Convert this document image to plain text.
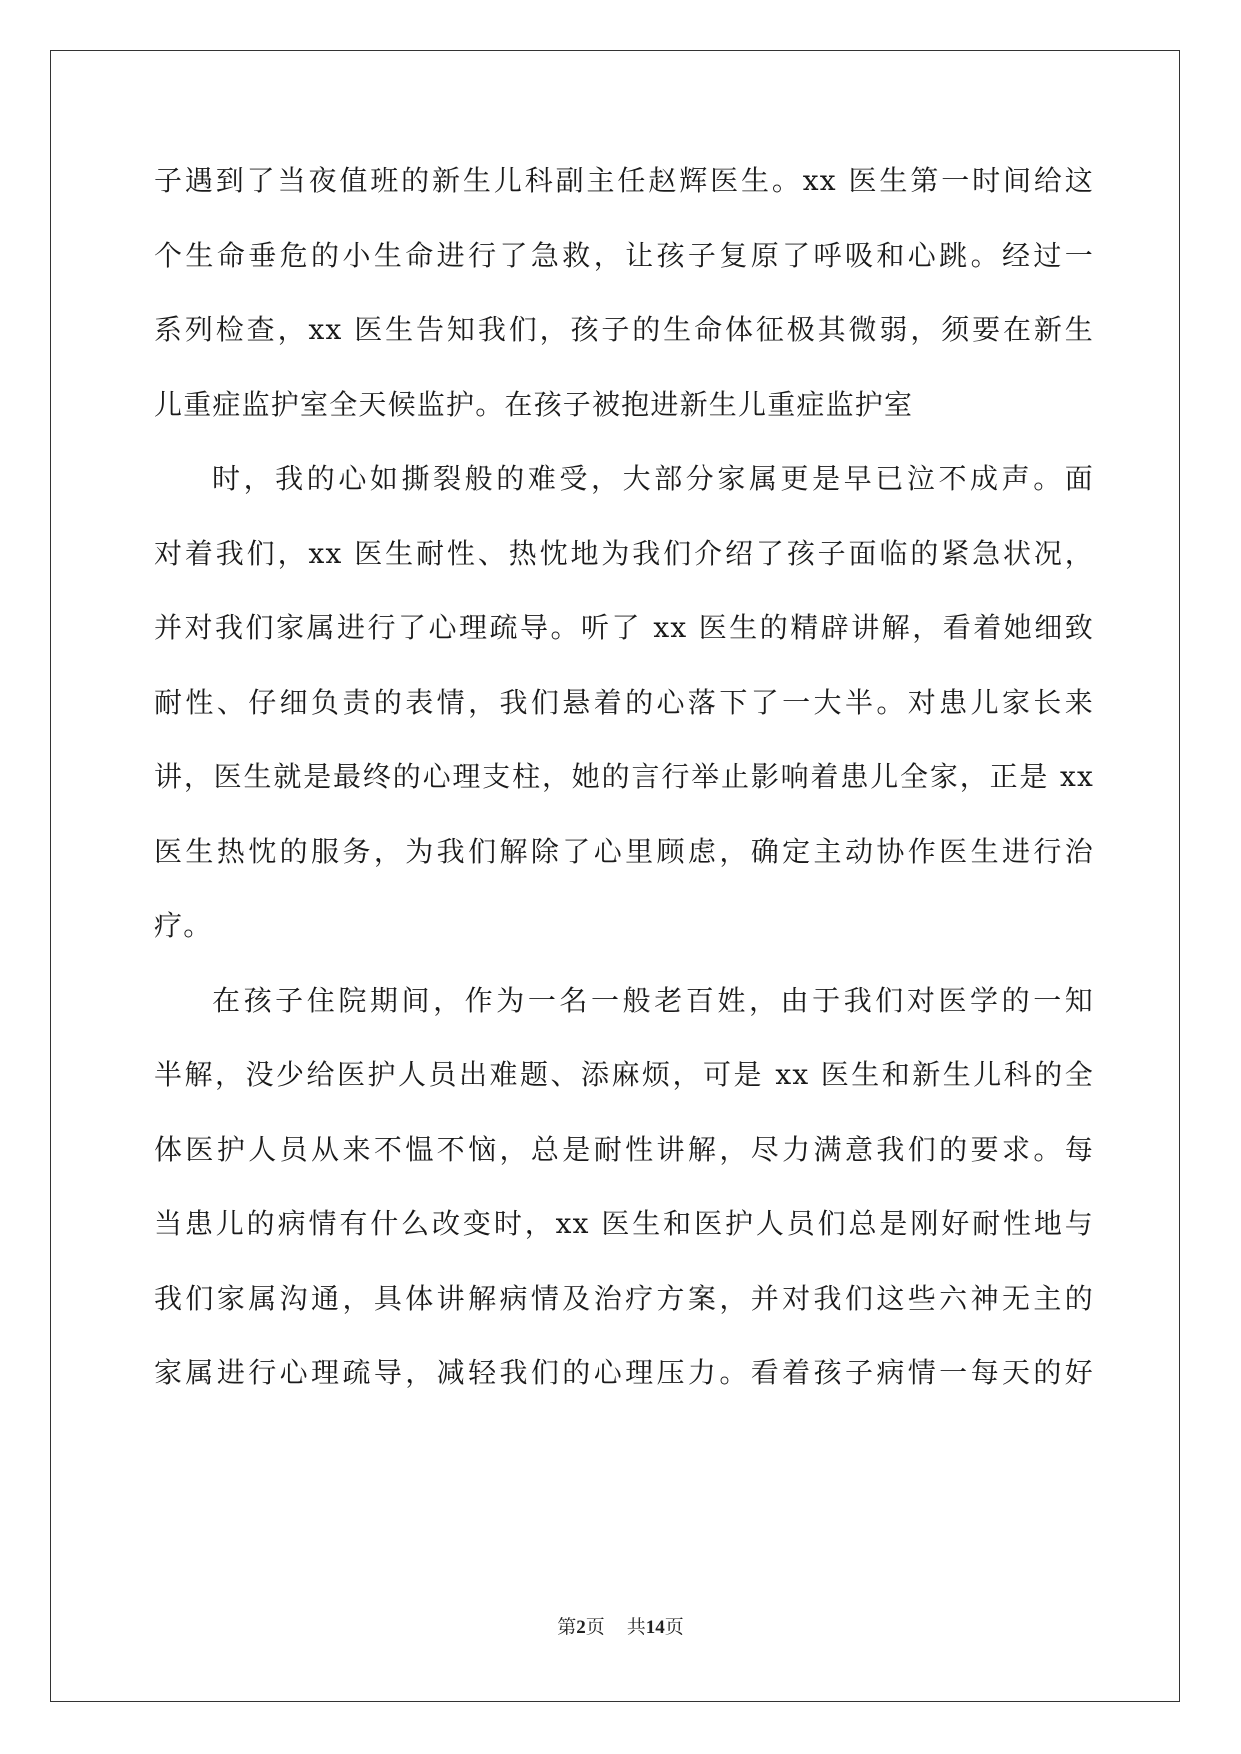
子遇到了当夜值班的新生儿科副主任赵辉医生。xx 医生第一时间给这
个生命垂危的小生命进行了急救，让孩子复原了呼吸和心跳。经过一
系列检查，xx 医生告知我们，孩子的生命体征极其微弱，须要在新生
儿重症监护室全天候监护。在孩子被抱进新生儿重症监护室
时，我的心如撕裂般的难受，大部分家属更是早已泣不成声。面
对着我们，xx 医生耐性、热忱地为我们介绍了孩子面临的紧急状况，
并对我们家属进行了心理疏导。听了 xx 医生的精辟讲解，看着她细致
耐性、仔细负责的表情，我们悬着的心落下了一大半。对患儿家长来
讲，医生就是最终的心理支柱，她的言行举止影响着患儿全家，正是 xx
医生热忱的服务，为我们解除了心里顾虑，确定主动协作医生进行治
疗。
在孩子住院期间，作为一名一般老百姓，由于我们对医学的一知
半解，没少给医护人员出难题、添麻烦，可是 xx 医生和新生儿科的全
体医护人员从来不愠不恼，总是耐性讲解，尽力满意我们的要求。每
当患儿的病情有什么改变时，xx 医生和医护人员们总是刚好耐性地与
我们家属沟通，具体讲解病情及治疗方案，并对我们这些六神无主的
家属进行心理疏导，减轻我们的心理压力。看着孩子病情一每天的好
第2页 共14页
